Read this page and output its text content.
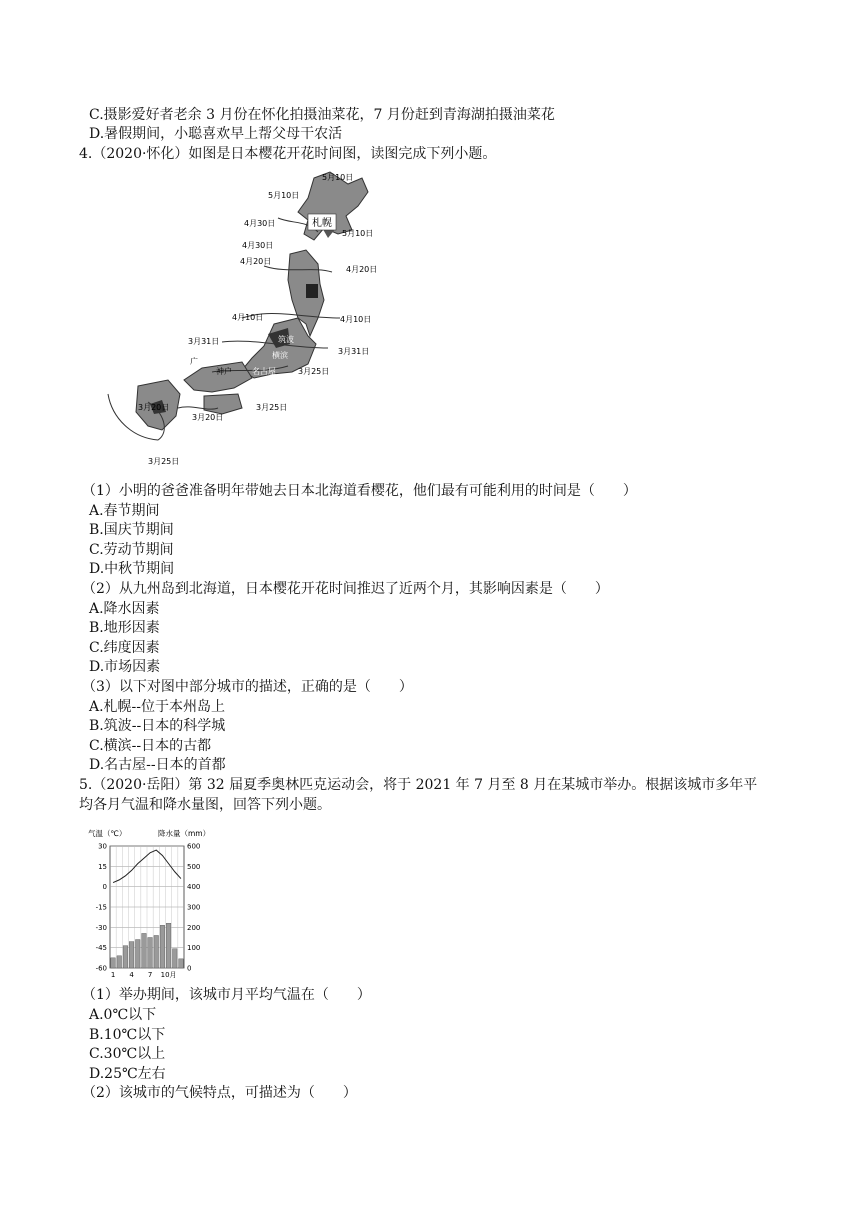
C.摄影爱好者老余 3 月份在怀化拍摄油菜花，7 月份赶到青海湖拍摄油菜花
D.暑假期间，小聪喜欢早上帮父母干农活
4.（2020·怀化）如图是日本樱花开花时间图，读图完成下列小题。
5月10日
5月10日
4月30日	札幌
5月10日
4月30日
4月20日
4月20日
4月10日	4月10日
3月31日
3月31日
筑波
横滨
名古屋
神户
广
3月25日
3月25日
3月20日
3月20日
3月25日
（1）小明的爸爸准备明年带她去日本北海道看樱花，他们最有可能利用的时间是（　　）
A.春节期间
B.国庆节期间
C.劳动节期间
D.中秋节期间
（2）从九州岛到北海道，日本樱花开花时间推迟了近两个月，其影响因素是（　　）
A.降水因素
B.地形因素
C.纬度因素
D.市场因素
（3）以下对图中部分城市的描述，正确的是（　　）
A.札幌--位于本州岛上
B.筑波--日本的科学城
C.横滨--日本的古都
D.名古屋--日本的首都
5.（2020·岳阳）第 32 届夏季奥林匹克运动会，将于 2021 年 7 月至 8 月在某城市举办。根据该城市多年平
均各月气温和降水量图，回答下列小题。
气温（℃）	降水量（mm）
30	600
15	500
0	400
-15	300
-30	200
-45	100
-60	0
1 4 7 10月
（1）举办期间，该城市月平均气温在（　　）
A.0℃以下
B.10℃以下
C.30℃以上
D.25℃左右
（2）该城市的气候特点，可描述为（　　）
